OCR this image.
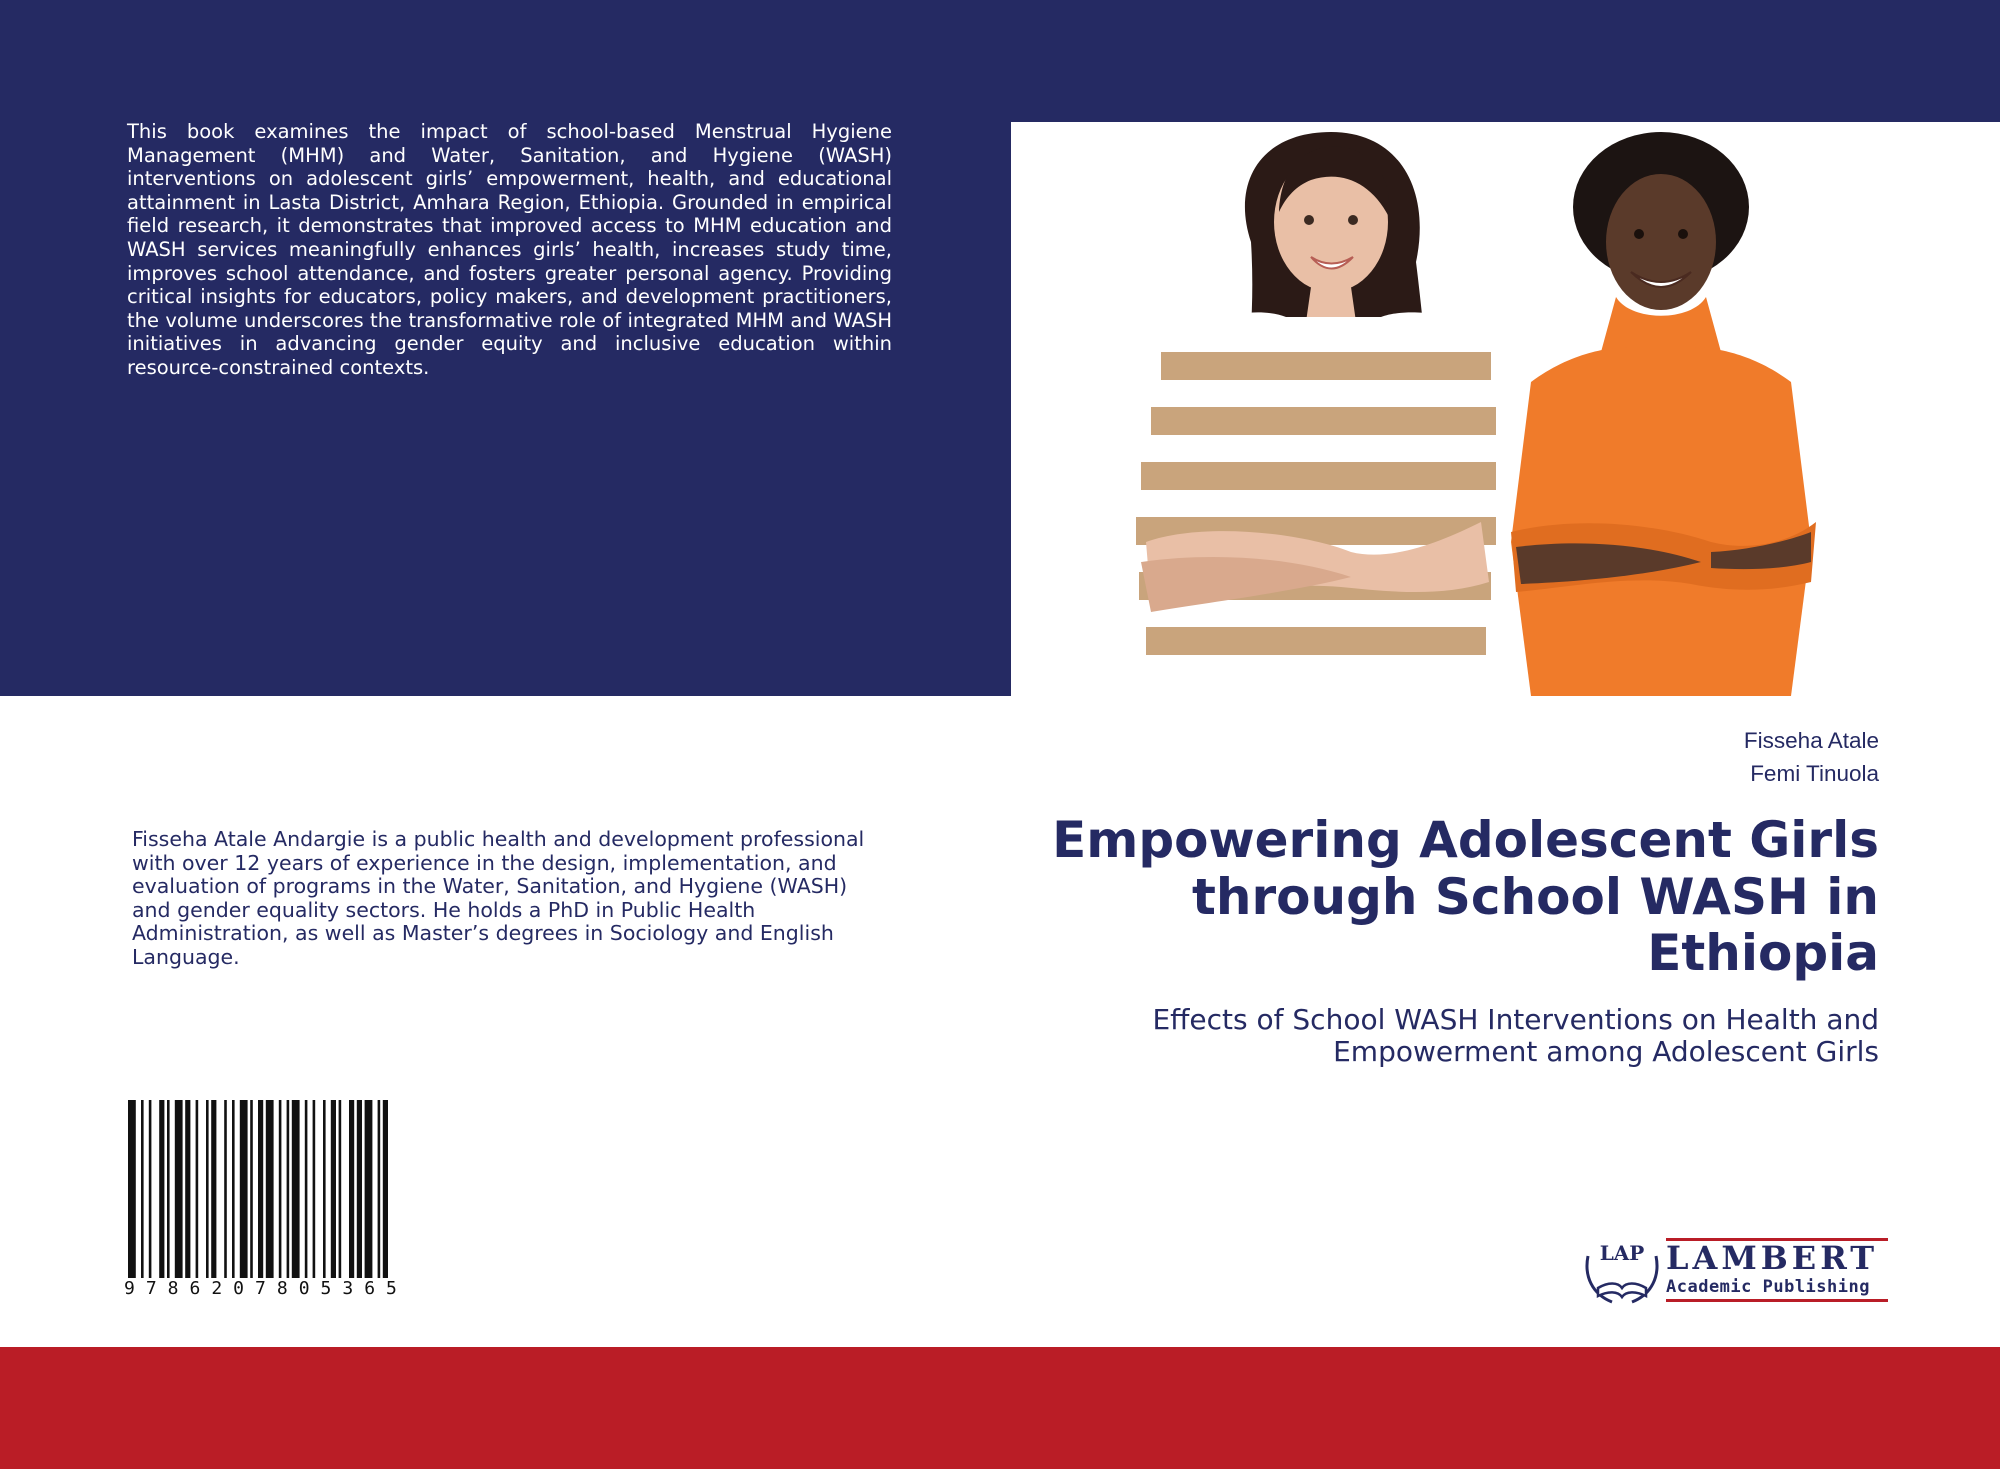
This book examines the impact of school-based Menstrual Hygiene Management (MHM) and Water, Sanitation, and Hygiene (WASH) interventions on adolescent girls’ empowerment, health, and educational attainment in Lasta District, Amhara Region, Ethiopia. Grounded in empirical field research, it demonstrates that improved access to MHM education and WASH services meaningfully enhances girls’ health, increases study time, improves school attendance, and fosters greater personal agency. Providing critical insights for educators, policy makers, and development practitioners, the volume underscores the transformative role of integrated MHM and WASH initiatives in advancing gender equity and inclusive education within resource-constrained contexts.

Fisseha Atale Andargie is a public health and development professional with over 12 years of experience in the design, implementation, and evaluation of programs in the Water, Sanitation, and Hygiene (WASH) and gender equality sectors. He holds a PhD in Public Health Administration, as well as Master’s degrees in Sociology and English Language.

Fisseha Atale
Femi Tinuola
Empowering Adolescent Girls through School WASH in Ethiopia

Effects of School WASH Interventions on Health and Empowerment among Adolescent Girls

9786207805365
LAP LAMBERT
Academic Publishing
